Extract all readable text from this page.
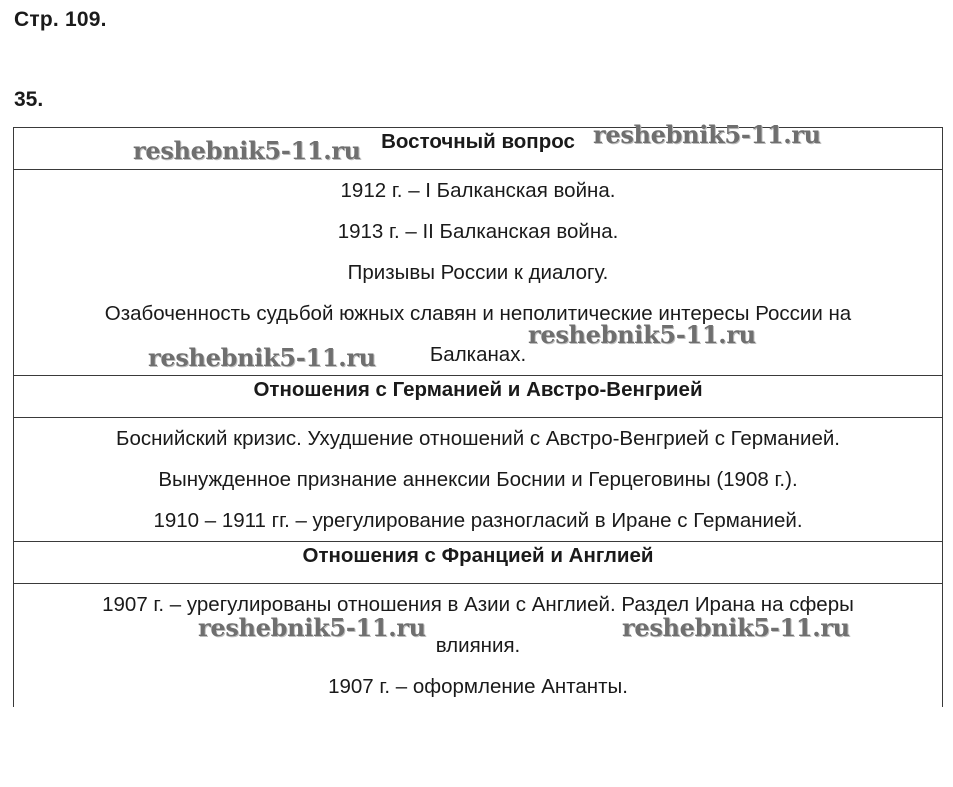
Стр. 109.
35.
Восточный вопрос

1912 г. – I Балканская война.
1913 г. – II Балканская война.
Призывы России к диалогу.
Озабоченность судьбой южных славян и неполитические интересы России на
Балканах.

Отношения с Германией и Австро-Венгрией

Боснийский кризис. Ухудшение отношений с Австро-Венгрией с Германией.
Вынужденное признание аннексии Боснии и Герцеговины (1908 г.).
1910 – 1911 гг. – урегулирование разногласий в Иране с Германией.

Отношения с Францией и Англией

1907 г. – урегулированы отношения в Азии с Англией. Раздел Ирана на сферы
влияния.
1907 г. – оформление Антанты.
reshebnik5-11.ru
reshebnik5-11.ru
reshebnik5-11.ru
reshebnik5-11.ru
reshebnik5-11.ru	reshebnik5-11.ru
